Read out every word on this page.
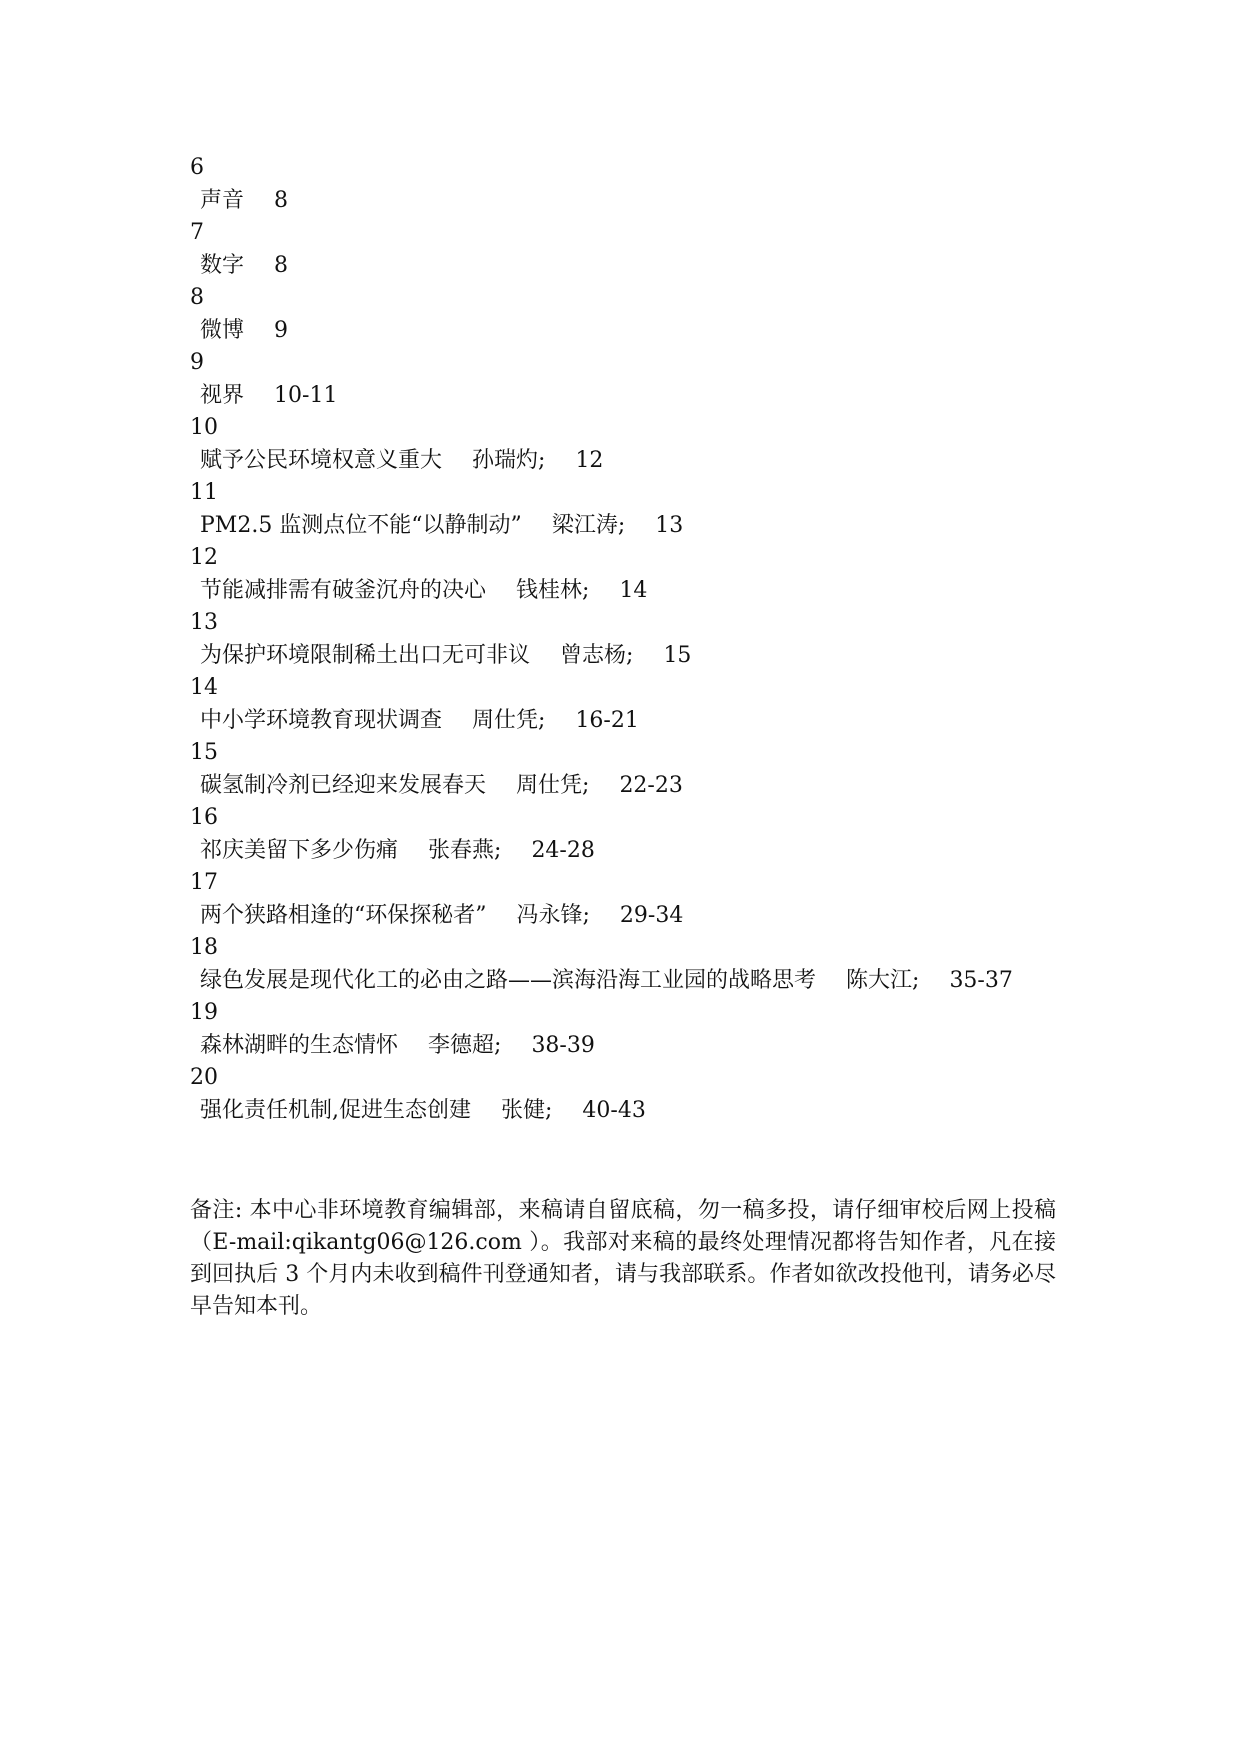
6
声音 8
7
数字 8
8
微博 9
9
视界 10-11
10
赋予公民环境权意义重大 孙瑞灼; 12
11
PM2.5 监测点位不能“以静制动” 梁江涛; 13
12
节能减排需有破釜沉舟的决心 钱桂林; 14
13
为保护环境限制稀土出口无可非议 曾志杨; 15
14
中小学环境教育现状调查 周仕凭; 16-21
15
碳氢制冷剂已经迎来发展春天 周仕凭; 22-23
16
祁庆美留下多少伤痛 张春燕; 24-28
17
两个狭路相逢的“环保探秘者” 冯永锋; 29-34
18
绿色发展是现代化工的必由之路——滨海沿海工业园的战略思考 陈大江; 35-37
19
森林湖畔的生态情怀 李德超; 38-39
20
强化责任机制,促进生态创建 张健; 40-43
备注: 本中心非环境教育编辑部，来稿请自留底稿，勿一稿多投，请仔细审校后网上投稿（E-mail:qikantg06@126.com ）。我部对来稿的最终处理情况都将告知作者，凡在接到回执后 3 个月内未收到稿件刊登通知者，请与我部联系。作者如欲改投他刊，请务必尽早告知本刊。
